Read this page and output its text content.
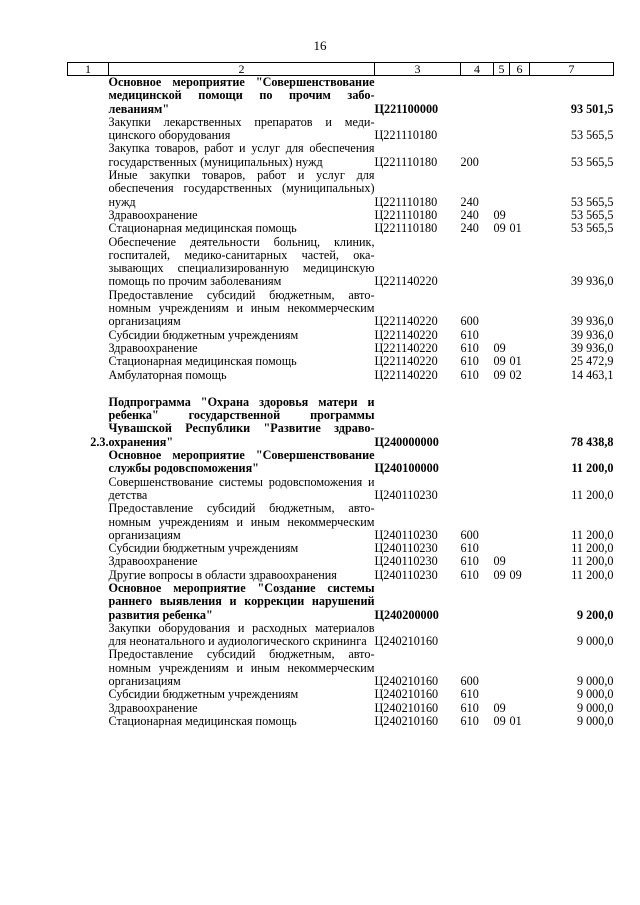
16
1	2	3	4	5	6	7
	Основное мероприятие "Совершенствование медицинской помощи по прочим заболеваниям"	Ц221100000				93 501,5
	Закупки лекарственных препаратов и медицинского оборудования	Ц221110180				53 565,5
	Закупка товаров, работ и услуг для обеспечения государственных (муниципальных) нужд	Ц221110180	200			53 565,5
	Иные закупки товаров, работ и услуг для обеспечения государственных (муниципальных) нужд	Ц221110180	240			53 565,5
	Здравоохранение	Ц221110180	240	09		53 565,5
	Стационарная медицинская помощь	Ц221110180	240	09	01	53 565,5
	Обеспечение деятельности больниц, клиник, госпиталей, медико-санитарных частей, оказывающих специализированную медицинскую помощь по прочим заболеваниям	Ц221140220				39 936,0
	Предоставление субсидий бюджетным, автономным учреждениям и иным некоммерческим организациям	Ц221140220	600			39 936,0
	Субсидии бюджетным учреждениям	Ц221140220	610			39 936,0
	Здравоохранение	Ц221140220	610	09		39 936,0
	Стационарная медицинская помощь	Ц221140220	610	09	01	25 472,9
	Амбулаторная помощь	Ц221140220	610	09	02	14 463,1

2.3.	Подпрограмма "Охрана здоровья матери и ребенка" государственной программы Чувашской Республики "Развитие здравоохранения"	Ц240000000				78 438,8
	Основное мероприятие "Совершенствование службы родовспоможения"	Ц240100000				11 200,0
	Совершенствование системы родовспоможения и детства	Ц240110230				11 200,0
	Предоставление субсидий бюджетным, автономным учреждениям и иным некоммерческим организациям	Ц240110230	600			11 200,0
	Субсидии бюджетным учреждениям	Ц240110230	610			11 200,0
	Здравоохранение	Ц240110230	610	09		11 200,0
	Другие вопросы в области здравоохранения	Ц240110230	610	09	09	11 200,0
	Основное мероприятие "Создание системы раннего выявления и коррекции нарушений развития ребенка"	Ц240200000				9 200,0
	Закупки оборудования и расходных материалов для неонатального и аудиологического скрининга	Ц240210160				9 000,0
	Предоставление субсидий бюджетным, автономным учреждениям и иным некоммерческим организациям	Ц240210160	600			9 000,0
	Субсидии бюджетным учреждениям	Ц240210160	610			9 000,0
	Здравоохранение	Ц240210160	610	09		9 000,0
	Стационарная медицинская помощь	Ц240210160	610	09	01	9 000,0
